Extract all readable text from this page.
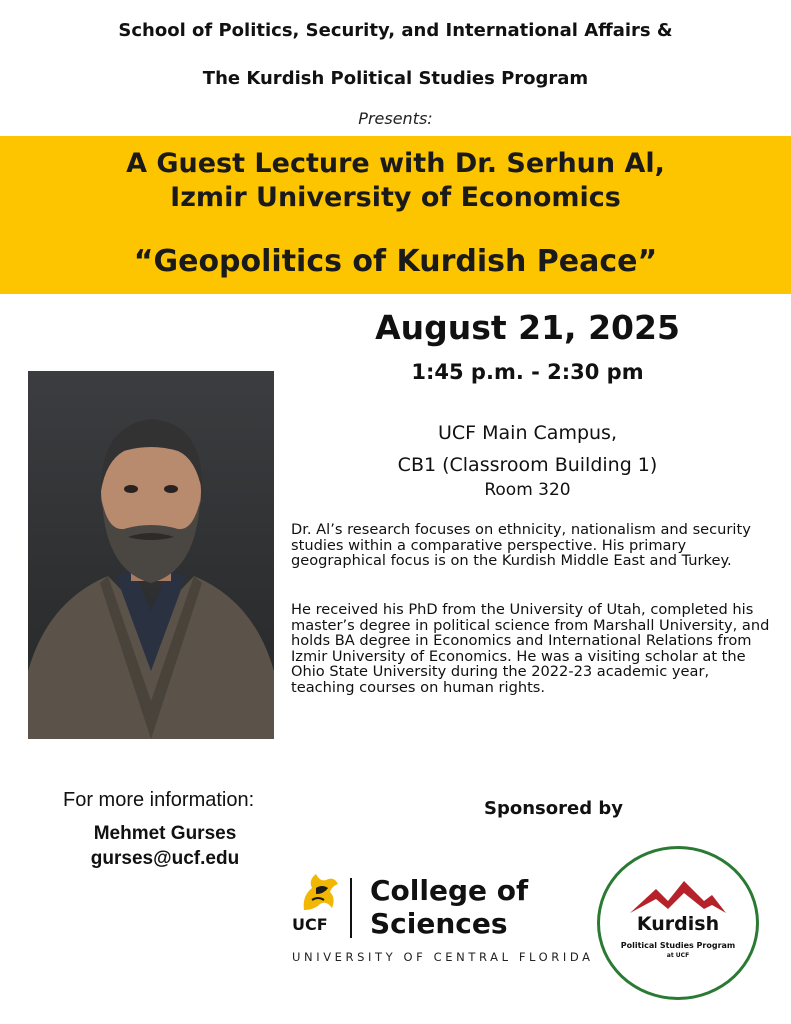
School of Politics, Security, and International Affairs &
The Kurdish Political Studies Program
Presents:
A Guest Lecture with Dr. Serhun Al,
Izmir University of Economics
“Geopolitics of Kurdish Peace”
August 21, 2025
1:45 p.m. - 2:30 pm
UCF Main Campus,
CB1 (Classroom Building 1)
Room 320
Dr. Al’s research focuses on ethnicity, nationalism and security studies within a comparative perspective. His primary geographical focus is on the Kurdish Middle East and Turkey.
He received his PhD from the University of Utah, completed his master’s degree in political science from Marshall University, and holds BA degree in Economics and International Relations from Izmir University of Economics. He was a visiting scholar at the Ohio State University during the 2022-23 academic year, teaching courses on human rights.
For more information:
Mehmet Gurses
gurses@ucf.edu
Sponsored by
UCF
College of
Sciences
UNIVERSITY OF CENTRAL FLORIDA
Kurdish
Political Studies Program
at UCF
